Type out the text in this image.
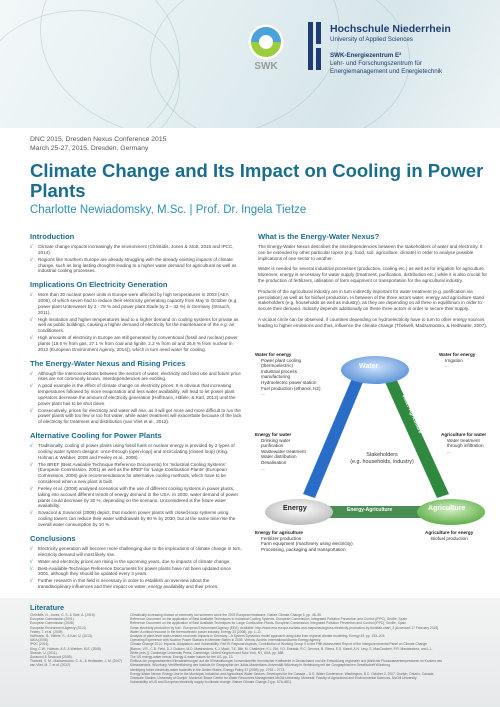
SWK
Hochschule Niederrhein
University of Applied Sciences
SWK-Energiezentrum E²
Lehr- und Forschungszentrum für
Energiemanagement und Energietechnik
DNC 2015, Dresden Nexus Conference 2015
March 25-27, 2015, Dresden, Germany
Climate Change and Its Impact on Cooling in Power Plants
Charlotte Newiadomsky, M.Sc. | Prof. Dr. Ingela Tietze
Introduction
// Climate change impacts increasingly the environment (Christidis, Jones & Stott, 2015 and IPCC, 2014).
// Regions like Southern Europe are already struggling with the already existing impacts of climate change, such as long lasting droughts leading to a higher water demand for agricultural as well as industrial cooling processes.
Implications On Electricity Generation
// More than 30 nuclear power units in Europe were affected by high temperatures in 2003 (AEA 2006), of which seven had to reduce their electricity generating capacity from May to October (e.g. power plant Unterweser by 2 - 78 % and power plant Stade by 3 – 32 %) in Germany (Strauch, 2011).
// High insolation and higher temperatures lead to a higher demand on cooling systems for private as well as public buildings, causing a higher demand of electricity for the maintenance of the e.g. air conditioners.
// High amounts of electricity in Europe are still generated by conventional (fossil and nuclear) power plants (18.6 % from gas, 27.1 % from coal and lignite, 2.2 % from oil and 26.8 % from nuclear in 2012 (European Environment Agency, 2014)), which in turn need water for cooling.
The Energy-Water Nexus and Rising Prices
// Although the interconnections between the sectors of water, electricity and land use and future price rises are not commonly known, interdependencies are exciting.
// A good example is the effect of climate change on electricity prices: It is obvious that increasing temperatures followed by more evaporation and less water availability, will lead to let power plant operators decrease the amount of electricity generation (Hoffmann, Häfele, & Karl, 2013) until the power plant has to be shut down.
// Consecutively, prices for electricity and water will rise, as it will get more and more difficult to run the power plants with too few or too hot water, while water treatment will exacerbate because of the lack of electricity for treatment and distribution (van Vliet et al., 2012).
Alternative Cooling for Power Plants
// Traditionally, cooling of power plants using fossil fuels or nuclear energy is provided by 2 types of cooling water system designs: once-through (open-loop) and recirculating (closed loop) (King, Holman & Webber, 2008 and Feeley et al., 2008).
// The BREF (Best Available Technique Reference Documents) for 'Industrial Cooling Systems' (European Commission, 2001) as well as the BREF for 'Large Combustion Plants' (European Commission, 2006) give recommendations for alternative cooling methods, which have to be considered when a new plant is built.
// Feeley et al. (2008) analysed scenarios with the use of different cooling systems in power plants, taking into account different trends of energy demand in the USA. In 2030, water demand of power plants could decrease by 30 %, depending on the scenario. Unconsidered is the future water availability.
// Sovacool & Sovacool (2009) depict, that modern power plants with closed-loop systems using cooling towers can reduce their water withdrawals by 90 % by 2030, but at the same time rise the overall water consumption by 10 %.
Conclusions
// Electricity generation will become more challenging due to the implications of climate change in turn, electricity demand will most likely rise.
// Water and electricity prices are rising in the upcoming years, due to impacts of climate change.
// Best-Available-Technique Reference Documents for power plants have not been updated since 2001, although they should be updated every 3 years.
// Further research in this field is necessary in order to establish an overview about the transdisciplinary influences and their impact on water, energy availability and their prices.
What is the Energy-Water Nexus?
The Energy-Water Nexus describes the interdependencies between the stakeholders of water and electricity. It can be extended by other particular topics (e.g. food, soil, agriculture, climate) in order to analyse possible implications of one sector to another.
Water is needed for several industrial processes (production, cooling etc.) as well as for irrigation for agriculture. Moreover, energy is necessary for water supply (treatment, purification, distribution etc.) while it is also crucial for the production of fertilizers, utilisation of farm equipment or transportation for the agricultural industry.
Products of the agricultural industry are in turn indirectly important for water treatment (e.g. purification via percolation) as well as for biofuel production. In between of the three actors water, energy and agriculture stand stakeholders (e.g. households as well as industry), as they are depending on all three in equilibrium in order to secure their demand. Industry depends additionally on these three actors in order to secure their supply.
A vicious circle can be observed, if countries depending on hydroelectricity have to turn to other energy sources leading to higher emissions and thus, influence the climate change (Thelwell, Madramootoo, & Hedtwater, 2007).
Water
Energy	Agriculture
Energy-Agriculture
Water-Energy	Water-Agriculture
Stakeholders
(e.g. households, industry)
Water for energy
Power plant cooling (thermoelectric)
Industrial process manufacturing
Hydroelectric power station
Fuel production (ethanol, H2)
...
Water for energy
Irrigation
...
Energy for water
Drinking water purification
Wastewater treatment
Water distribution
Desalination
...
Agriculture for water
Water treatment through infiltration
...
Energy for agriculture
Fertilizer production
Farm equipment (machinery using electricity)
Processing, packaging and transportation
Agriculture for energy
Biofuel production
Literature
Christidis, N., Jones, G. S. & Stott, A. (2015)
European Commission (2001)
European Commission (2006)
European Environment Agency (2014)
Feeley, T. et al. (2008)
Hoffmann, B., Häfele, S., & Karl, U. (2013)
IAEA (2006)
IPCC (2014)
King, C.W., Holman, A.S. & Webber, M.E. (2008)
Strauch, U. (2011)
Sovacool & Sovacool (2009)
Thelwell, S. M., Madramootoo, C. A., & Hedtwater, J. M. (2007)
van Vliet, M. T. et al. (2012)
Climatically increasing chance of extremely hot summers since the 2003 European heatwave. Nature Climate Change 5, pp. 46–50.
Reference Document on the application of Best Available Techniques to Industrial Cooling Systems. European Commission, Integrated Pollution Prevention and Control (IPPC), Seville, Spain
Reference Document on the application of Best Available Techniques for Large Combustion Plants. European Commission, Integrated Pollution Prevention and Control (IPPC), Seville, Spain
Gross electricity production by fuel - European Environment Agency (EEA). Available: http://www.eea.europa.eu/data-and-maps/daviz/gross-electricity-production-by-fuel#tab-chart_2 [Accessed 17 February 2015]
Water: A critical resource in the thermoelectric power industry. Energy 33 (2008), pp. 1–11.
Analysis of plant-level water-related economic impacts in Germany – A System Dynamics model approach using data from regional climate modelling. Energy 49, pp. 193–203.
Operating Experience with Nuclear Power Stations in Member States in 2005. Vienna, Austria: International Atomic Energy Agency.
Climate Change 2014: Impacts, Adaptation, and Vulnerability. Part B: Regional Aspects. Contribution of Working Group II to the Fifth Assessment Report of the Intergovernmental Panel on Climate Change
[Barros, V.R., C.B. Field, D.J. Dokken, M.D. Mastrandrea, K.J. Mach, T.E. Bilir, M. Chatterjee, K.L. Ebi, Y.O. Estrada, R.C. Genova, B. Girma, E.S. Kissel, A.N. Levy, S. MacCracken, P.R. Mastrandrea, and L.L.
White (eds.)]. Cambridge University Press, Cambridge, United Kingdom and New York, NY, USA, pp. 688.
The US energy-water nexus: Energy & water issues for the US. pp. 13.
Einfluss der prognostizierten Klimaänderungen auf die Klimawirkungen konventioneller thermischer Kraftwerke in Deutschland und die Entwicklung regionaler und jährlicher Flusswassertemperaturen im Kontext des
Klimawandels. Würzburg: Veröffentlichung des Instituts für Geographie der Julius-Maximilians-Universität Würzburg in Verbindung mit der Geographischen Gesellschaft Würzburg.
Identifying future electricity-water tradeoffs in the United States. Energy Policy 37 (2009), pp. 2763 – 2773.
Energy-Water Nexus: Energy Use in the Municipal, Industrial, and Agricultural Water Sectors. Developed for the Canada – U.S. Water Conference, Washington, D.C. October 2, 2007. Guelph, Ontario, Canada.
Graduate Studies, University of Guelph. Montreal: Brace Centre for Water Resources Management McGill University, Montreal: Faculty of Agricultural and Environmental Sciences, McGill University.
Vulnerability of US and European electricity supply to climate change. Nature Climate Change 2 (pp. 676–681).
